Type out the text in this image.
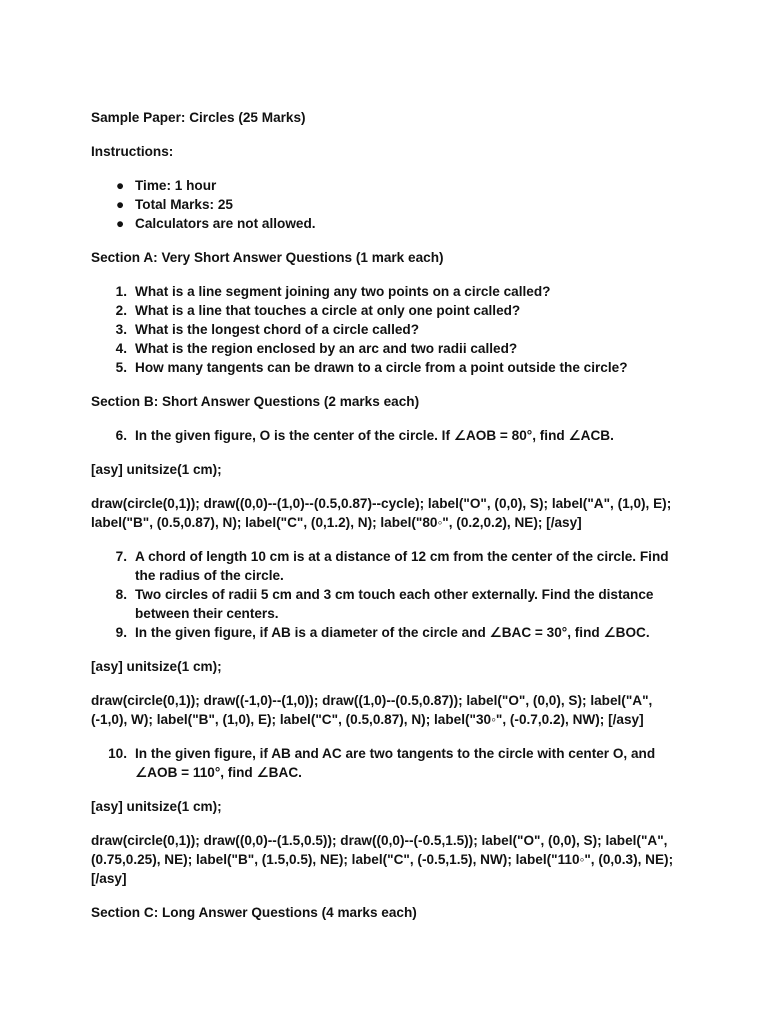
Sample Paper: Circles (25 Marks)

Instructions:

● Time: 1 hour
● Total Marks: 25
● Calculators are not allowed.

Section A: Very Short Answer Questions (1 mark each)

1. What is a line segment joining any two points on a circle called?
2. What is a line that touches a circle at only one point called?
3. What is the longest chord of a circle called?
4. What is the region enclosed by an arc and two radii called?
5. How many tangents can be drawn to a circle from a point outside the circle?

Section B: Short Answer Questions (2 marks each)

6. In the given figure, O is the center of the circle. If ∠AOB = 80°, find ∠ACB.

[asy] unitsize(1 cm);

draw(circle(0,1)); draw((0,0)--(1,0)--(0.5,0.87)--cycle); label("O", (0,0), S); label("A", (1,0), E); label("B", (0.5,0.87), N); label("C", (0,1.2), N); label("80◦", (0.2,0.2), NE); [/asy]

7. A chord of length 10 cm is at a distance of 12 cm from the center of the circle. Find the radius of the circle.
8. Two circles of radii 5 cm and 3 cm touch each other externally. Find the distance between their centers.
9. In the given figure, if AB is a diameter of the circle and ∠BAC = 30°, find ∠BOC.

[asy] unitsize(1 cm);

draw(circle(0,1)); draw((-1,0)--(1,0)); draw((1,0)--(0.5,0.87)); label("O", (0,0), S); label("A", (-1,0), W); label("B", (1,0), E); label("C", (0.5,0.87), N); label("30◦", (-0.7,0.2), NW); [/asy]

10. In the given figure, if AB and AC are two tangents to the circle with center O, and ∠AOB = 110°, find ∠BAC.

[asy] unitsize(1 cm);

draw(circle(0,1)); draw((0,0)--(1.5,0.5)); draw((0,0)--(-0.5,1.5)); label("O", (0,0), S); label("A", (0.75,0.25), NE); label("B", (1.5,0.5), NE); label("C", (-0.5,1.5), NW); label("110◦", (0,0.3), NE); [/asy]

Section C: Long Answer Questions (4 marks each)
